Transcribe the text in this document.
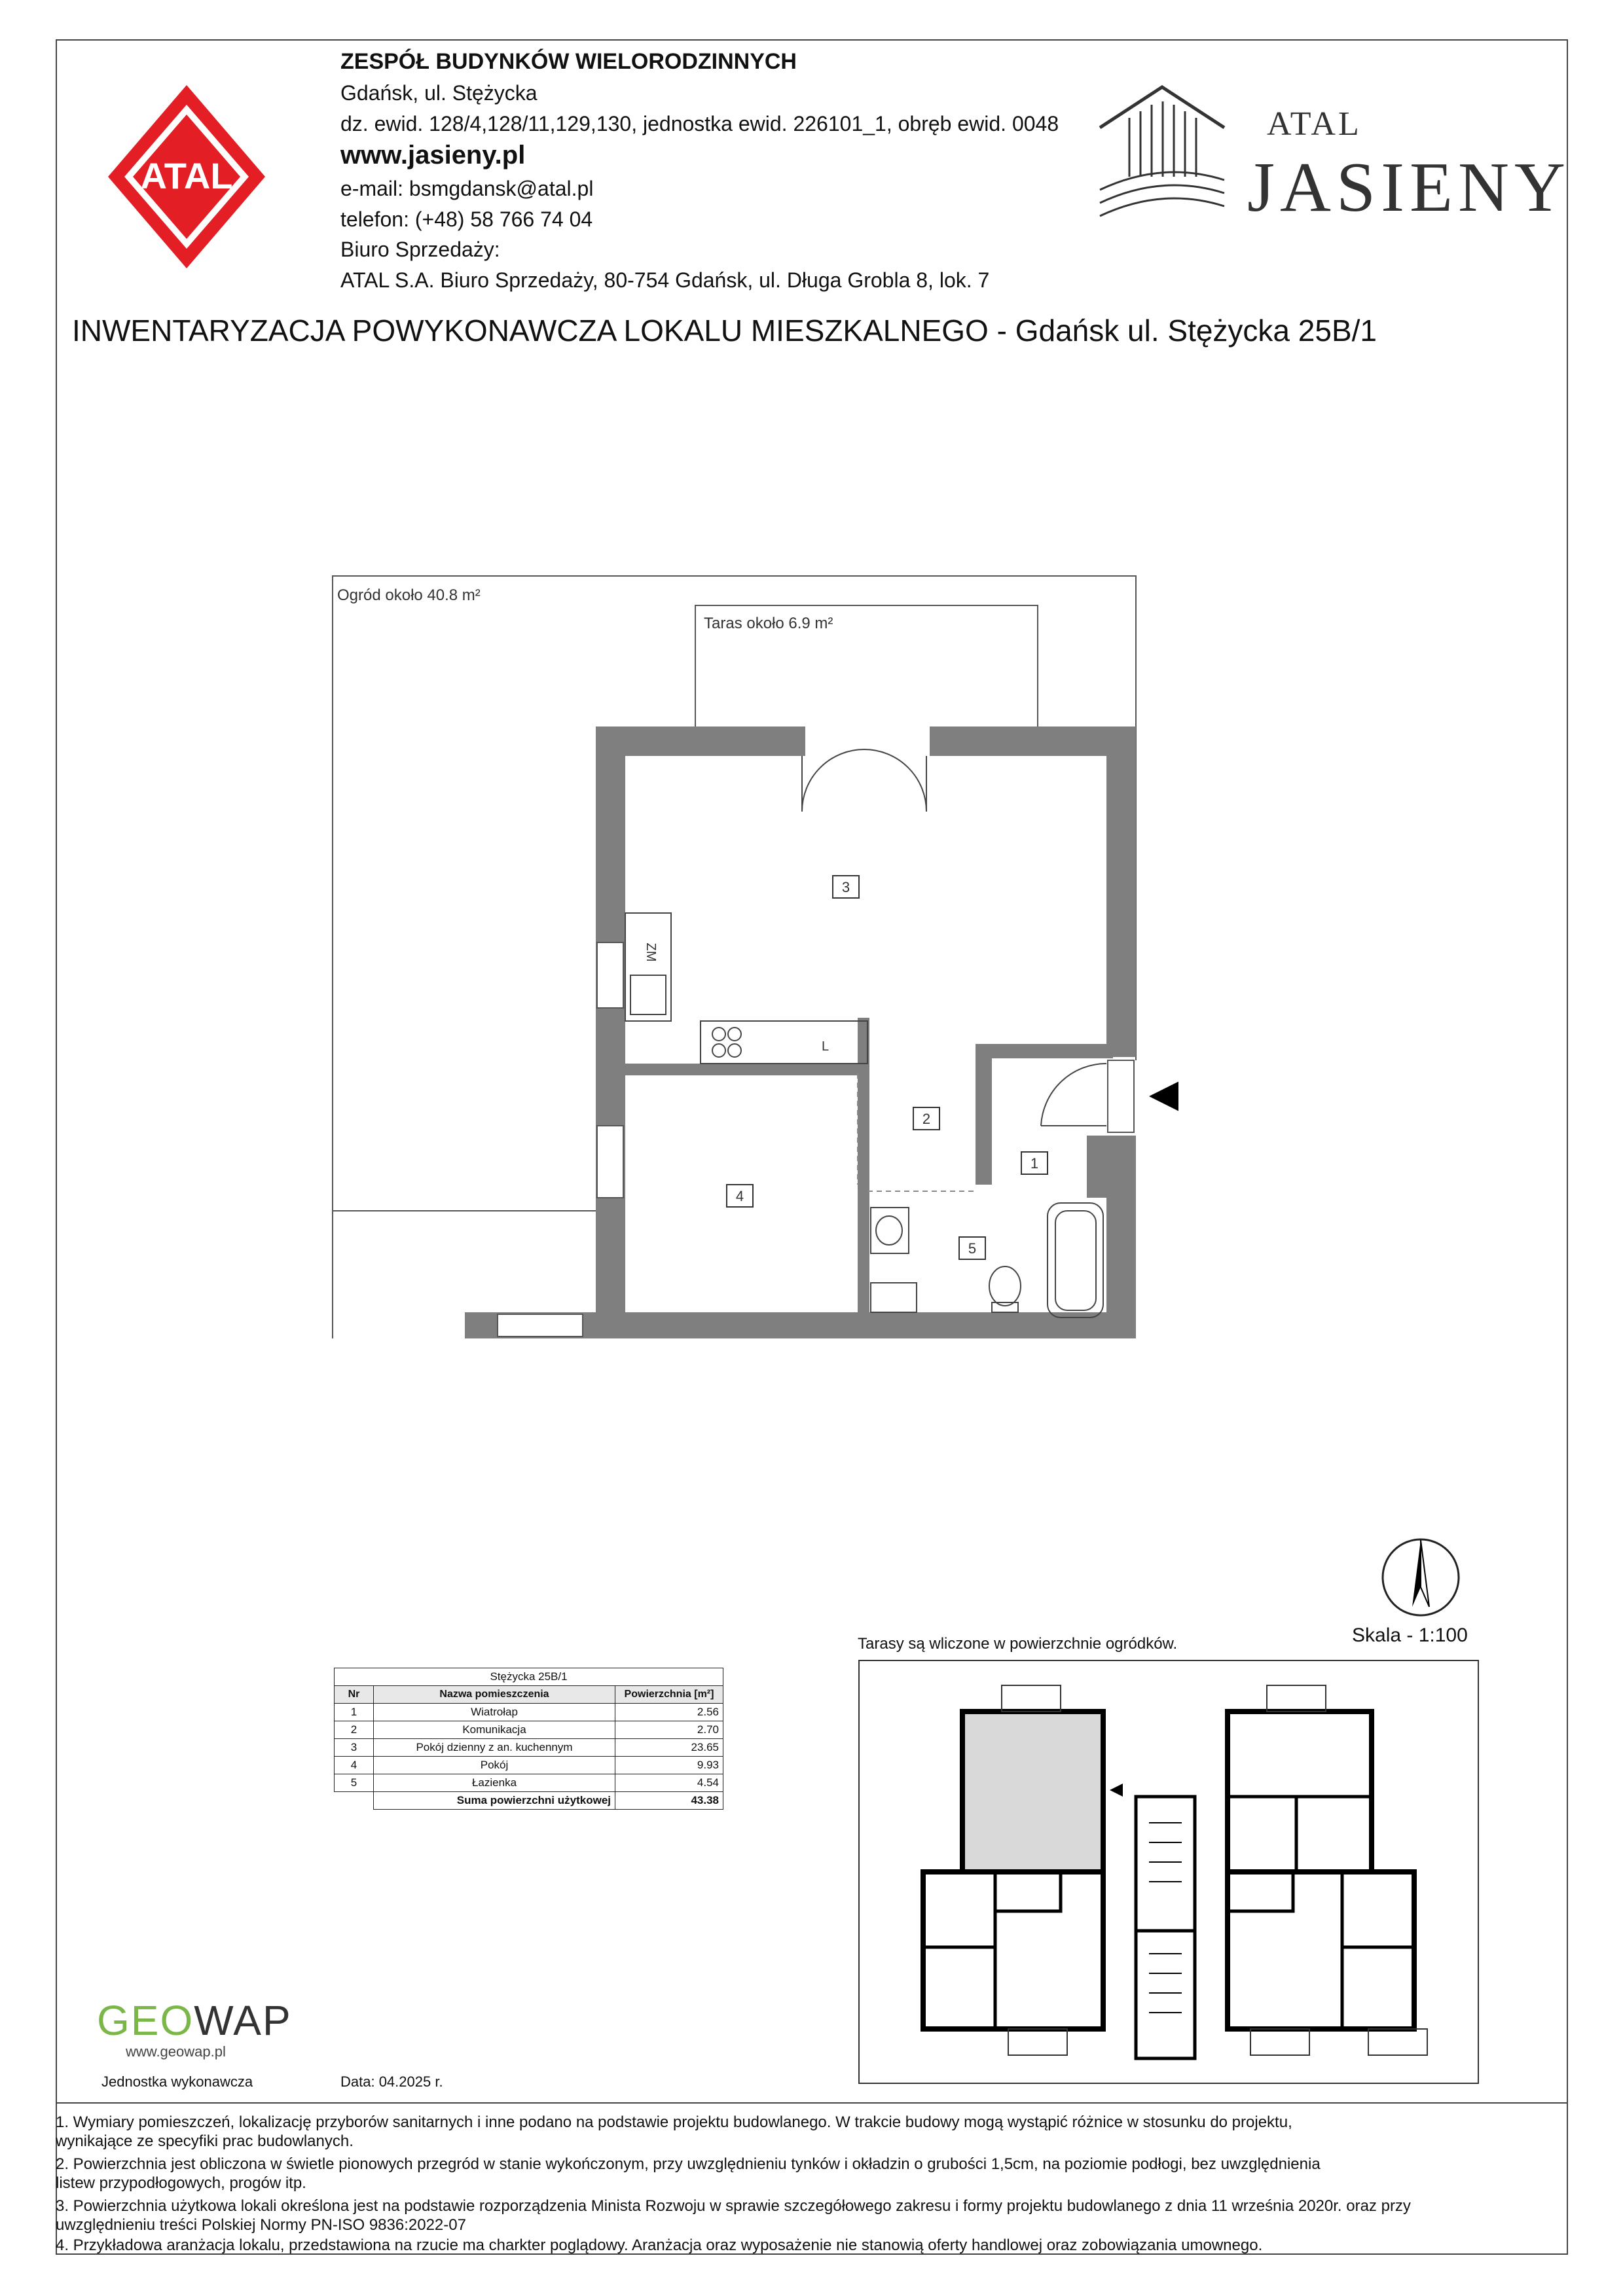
ATAL
ZESPÓŁ BUDYNKÓW WIELORODZINNYCH
Gdańsk, ul. Stężycka
dz. ewid. 128/4,128/11,129,130, jednostka ewid. 226101_1, obręb ewid. 0048
www.jasieny.pl
e-mail: bsmgdansk@atal.pl
telefon: (+48) 58 766 74 04
Biuro Sprzedaży:
ATAL S.A. Biuro Sprzedaży, 80-754 Gdańsk, ul. Długa Grobla 8, lok. 7
ATAL
JASIENY
INWENTARYZACJA POWYKONAWCZA LOKALU MIESZKALNEGO - Gdańsk ul. Stężycka 25B/1
Ogród około 40.8 m²
Taras około 6.9 m²
ZM
L
3
2
1
4
5
Skala - 1:100
Tarasy są wliczone w powierzchnie ogródków.
Stężycka 25B/1		
Nr	Nazwa pomieszczenia	Powierzchnia [m²]
1	Wiatrołap	2.56
2	Komunikacja	2.70
3	Pokój dzienny z an. kuchennym	23.65
4	Pokój	9.93
5	Łazienka	4.54
	Suma powierzchni użytkowej	43.38
GEOWAP
www.geowap.pl
Jednostka wykonawcza	Data: 04.2025 r.
1. Wymiary pomieszczeń, lokalizację przyborów sanitarnych i inne podano na podstawie projektu budowlanego. W trakcie budowy mogą wystąpić różnice w stosunku do projektu,
wynikające ze specyfiki prac budowlanych.
2. Powierzchnia jest obliczona w świetle pionowych przegród w stanie wykończonym, przy uwzględnieniu tynków i okładzin o grubości 1,5cm, na poziomie podłogi, bez uwzględnienia
listew przypodłogowych, progów itp.
3. Powierzchnia użytkowa lokali określona jest na podstawie rozporządzenia Minista Rozwoju w sprawie szczegółowego zakresu i formy projektu budowlanego z dnia 11 września 2020r. oraz przy
uwzględnieniu treści Polskiej Normy PN-ISO 9836:2022-07
4. Przykładowa aranżacja lokalu, przedstawiona na rzucie ma charkter poglądowy. Aranżacja oraz wyposażenie nie stanowią oferty handlowej oraz zobowiązania umownego.
